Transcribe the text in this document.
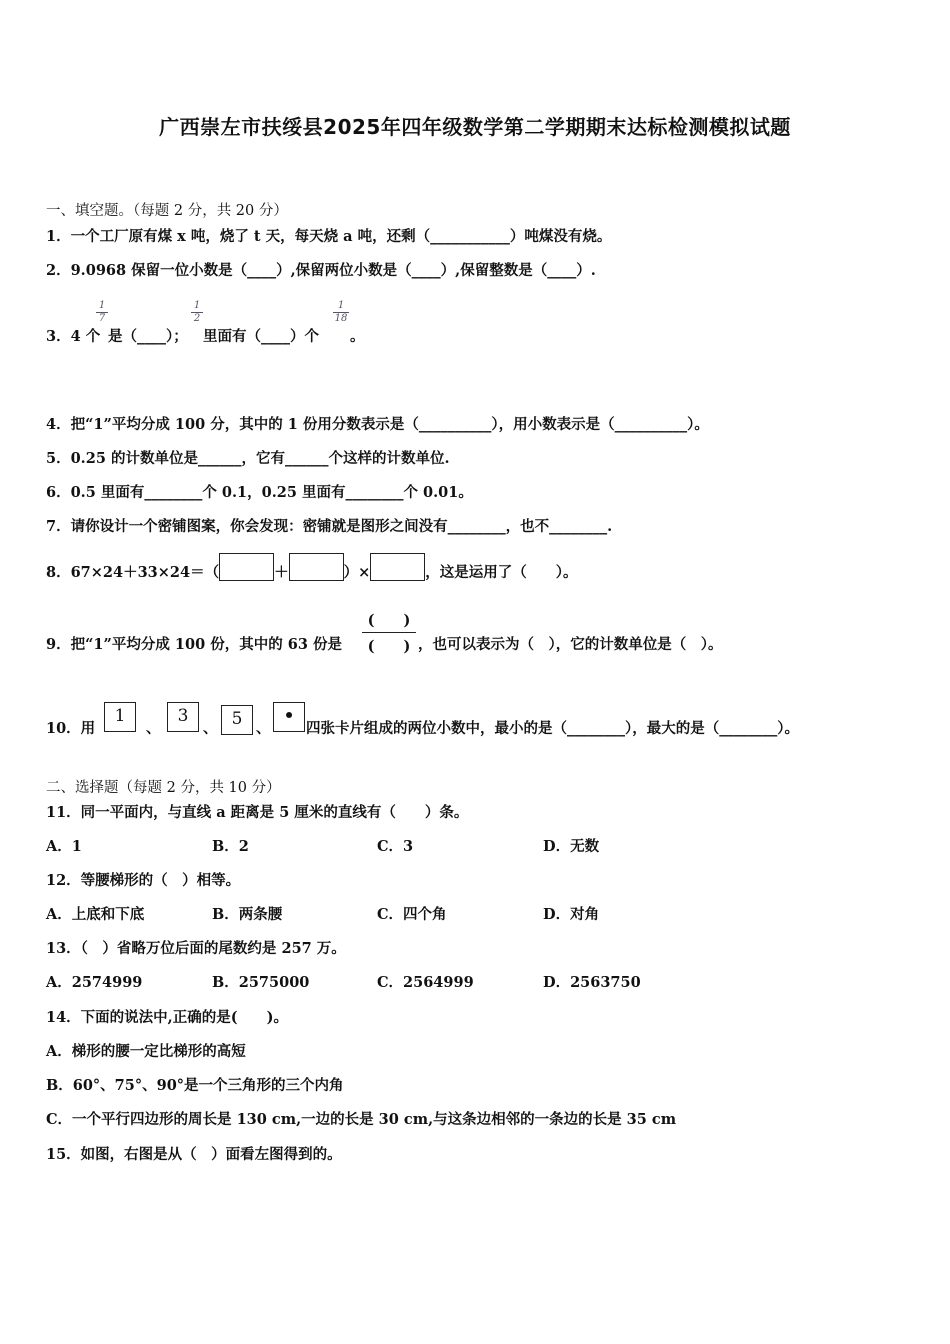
广西崇左市扶绥县2025年四年级数学第二学期期末达标检测模拟试题
一、填空题。（每题 2 分，共 20 分）
1．一个工厂原有煤 x 吨，烧了 t 天，每天烧 a 吨，还剩（___________）吨煤没有烧。
2．9.0968 保留一位小数是（____）,保留两位小数是（____）,保留整数是（____）.
3．4 个
1
7
是（____）；
1
2
里面有（____）个
1
18
。
4．把“1”平均分成 100 分，其中的 1 份用分数表示是（__________），用小数表示是（__________）。
5．0.25 的计数单位是______，它有______个这样的计数单位.
6．0.5 里面有________个 0.1，0.25 里面有________个 0.01。
7．请你设计一个密铺图案，你会发现：密铺就是图形之间没有________，也不________.
8．67×24＋33×24＝（	＋	）×	，这是运用了（　　）。
9．把“1”平均分成 100 份，其中的 63 份是
(　　)
(　　) ，也可以表示为（　），它的计数单位是（　）。
10．用
1
、
3
、 5 、
•
四张卡片组成的两位小数中，最小的是（________），最大的是（________）。
二、选择题（每题 2 分，共 10 分）
11．同一平面内，与直线 a 距离是 5 厘米的直线有（　　）条。
A．1	B．2	C．3	D．无数
12．等腰梯形的（　）相等。
A．上底和下底	B．两条腰	C．四个角	D．对角
13．（　）省略万位后面的尾数约是 257 万。
A．2574999	B．2575000	C．2564999	D．2563750
14．下面的说法中,正确的是(　　)。
A．梯形的腰一定比梯形的高短
B．60°、75°、90°是一个三角形的三个内角
C．一个平行四边形的周长是 130 cm,一边的长是 30 cm,与这条边相邻的一条边的长是 35 cm
15．如图，右图是从（　）面看左图得到的。
